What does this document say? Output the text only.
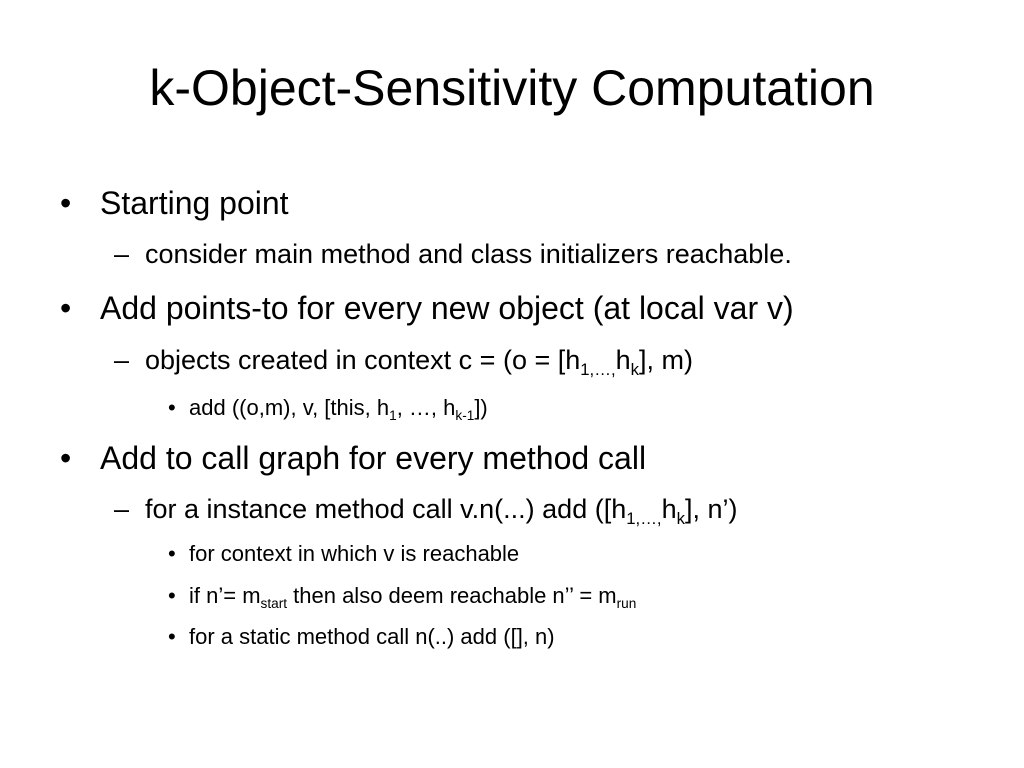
k-Object-Sensitivity Computation
• Starting point
– consider main method and class initializers reachable.
• Add points-to for every new object (at local var v)
– objects created in context $c = (o = [h_{1,\dots,}h_k]$, m)
• add ((o,m), v, [this, $h_1$, …, $h_{k-1}$])
• Add to call graph for every method call
– for a instance method call v.n(...) add ($[h_{1,\dots,}h_k]$, n’)
• for context in which v is reachable
• if n’= $m_{start}$ then also deem reachable n’’ = $m_{run}$
• for a static method call n(..) add ([], n)
